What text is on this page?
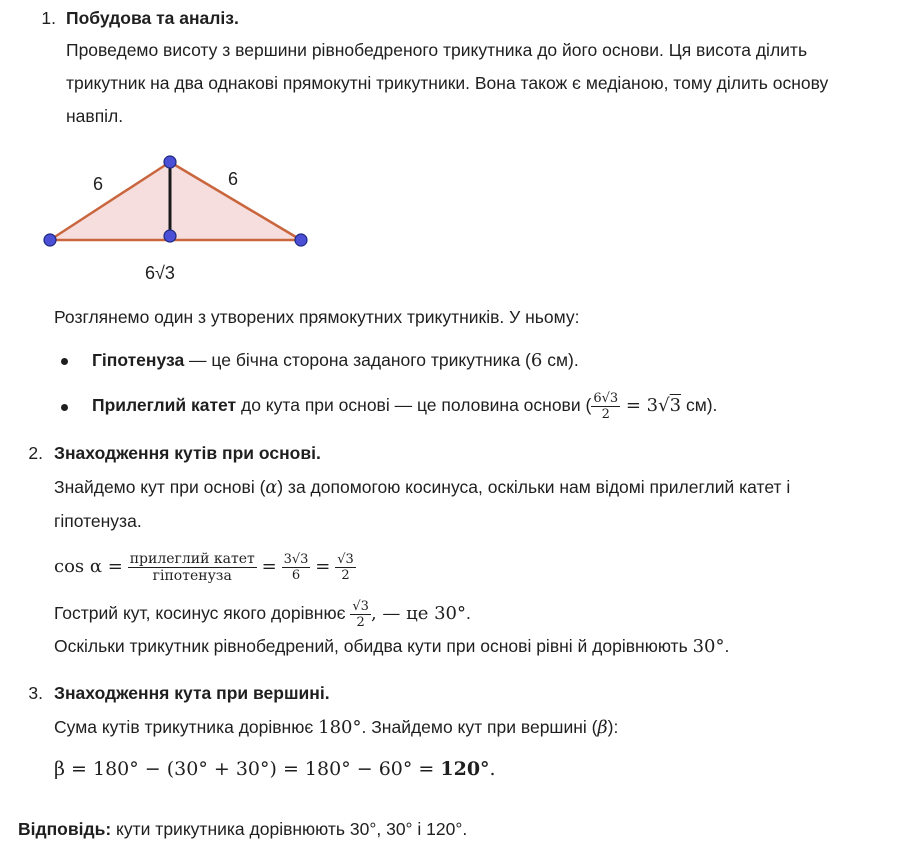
1. Побудова та аналіз.
Проведемо висоту з вершини рівнобедреного трикутника до його основи. Ця висота ділить
трикутник на два однакові прямокутні трикутники. Вона також є медіаною, тому ділить основу
навпіл.
6	6
6√3
Розглянемо один з утворених прямокутних трикутників. У ньому:
Гіпотенуза — це бічна сторона заданого трикутника (6 см).
Прилеглий катет до кута при основі — це половина основи ( $\frac{6√3}{2} = 3√3$ см).
2. Знаходження кутів при основі.
Знайдемо кут при основі (α) за допомогою косинуса, оскільки нам відомі прилеглий катет і
гіпотенуза.
$\cos \alpha = \frac{\text{прилеглий катет}}{\text{гіпотенуза}} = \frac{3√3}{6} = \frac{√3}{2}$
Гострий кут, косинус якого дорівнює $\frac{√3}{2}$ , — це 30°.
Оскільки трикутник рівнобедрений, обидва кути при основі рівні й дорівнюють 30°.
3. Знаходження кута при вершині.
Сума кутів трикутника дорівнює 180°. Знайдемо кут при вершині (β):
β = 180° − (30° + 30°) = 180° − 60° = 120°.
Відповідь: кути трикутника дорівнюють 30°, 30° і 120°.
